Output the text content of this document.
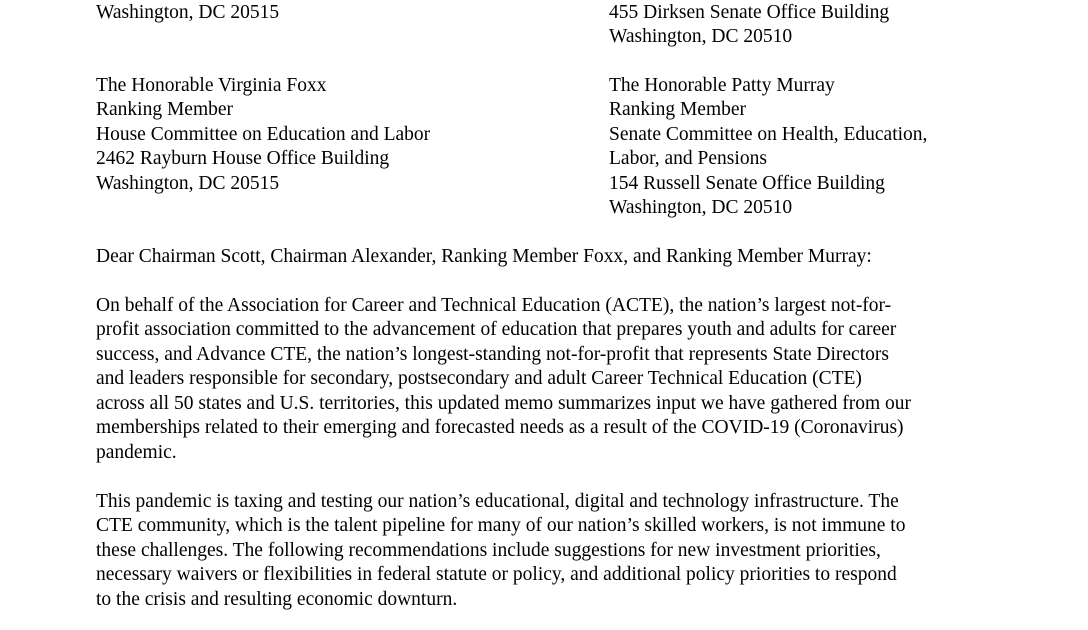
Washington, DC 20515
The Honorable Virginia Foxx
Ranking Member
House Committee on Education and Labor
2462 Rayburn House Office Building
Washington, DC 20515
455 Dirksen Senate Office Building
Washington, DC 20510
The Honorable Patty Murray
Ranking Member
Senate Committee on Health, Education,
Labor, and Pensions
154 Russell Senate Office Building
Washington, DC 20510
Dear Chairman Scott, Chairman Alexander, Ranking Member Foxx, and Ranking Member Murray:
On behalf of the Association for Career and Technical Education (ACTE), the nation’s largest not-for-
profit association committed to the advancement of education that prepares youth and adults for career
success, and Advance CTE, the nation’s longest-standing not-for-profit that represents State Directors
and leaders responsible for secondary, postsecondary and adult Career Technical Education (CTE)
across all 50 states and U.S. territories, this updated memo summarizes input we have gathered from our
memberships related to their emerging and forecasted needs as a result of the COVID-19 (Coronavirus)
pandemic.
This pandemic is taxing and testing our nation’s educational, digital and technology infrastructure. The
CTE community, which is the talent pipeline for many of our nation’s skilled workers, is not immune to
these challenges. The following recommendations include suggestions for new investment priorities,
necessary waivers or flexibilities in federal statute or policy, and additional policy priorities to respond
to the crisis and resulting economic downturn.
